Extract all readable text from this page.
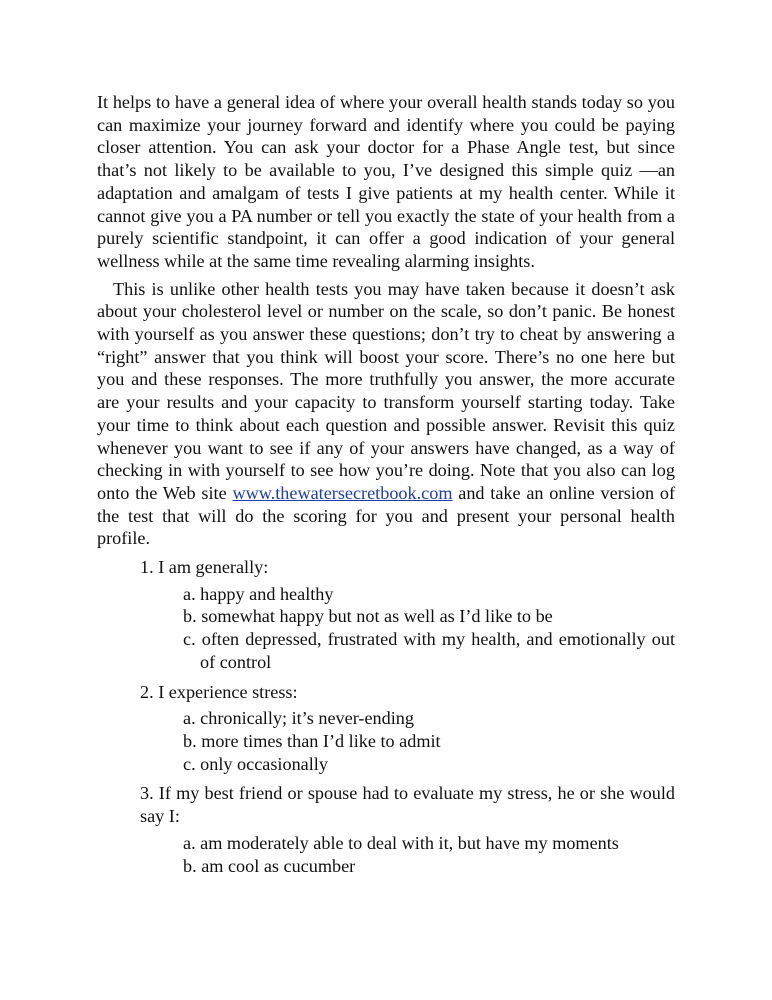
It helps to have a general idea of where your overall health stands today so you can maximize your journey forward and identify where you could be paying closer attention. You can ask your doctor for a Phase Angle test, but since that’s not likely to be available to you, I’ve designed this simple quiz —an adaptation and amalgam of tests I give patients at my health center. While it cannot give you a PA number or tell you exactly the state of your health from a purely scientific standpoint, it can offer a good indication of your general wellness while at the same time revealing alarming insights.

This is unlike other health tests you may have taken because it doesn’t ask about your cholesterol level or number on the scale, so don’t panic. Be honest with yourself as you answer these questions; don’t try to cheat by answering a “right” answer that you think will boost your score. There’s no one here but you and these responses. The more truthfully you answer, the more accurate are your results and your capacity to transform yourself starting today. Take your time to think about each question and possible answer. Revisit this quiz whenever you want to see if any of your answers have changed, as a way of checking in with yourself to see how you’re doing. Note that you also can log onto the Web site www.thewatersecretbook.com and take an online version of the test that will do the scoring for you and present your personal health profile.

1. I am generally:
a. happy and healthy
b. somewhat happy but not as well as I’d like to be
c. often depressed, frustrated with my health, and emotionally out of control
2. I experience stress:
a. chronically; it’s never-ending
b. more times than I’d like to admit
c. only occasionally
3. If my best friend or spouse had to evaluate my stress, he or she would say I:
a. am moderately able to deal with it, but have my moments
b. am cool as cucumber
